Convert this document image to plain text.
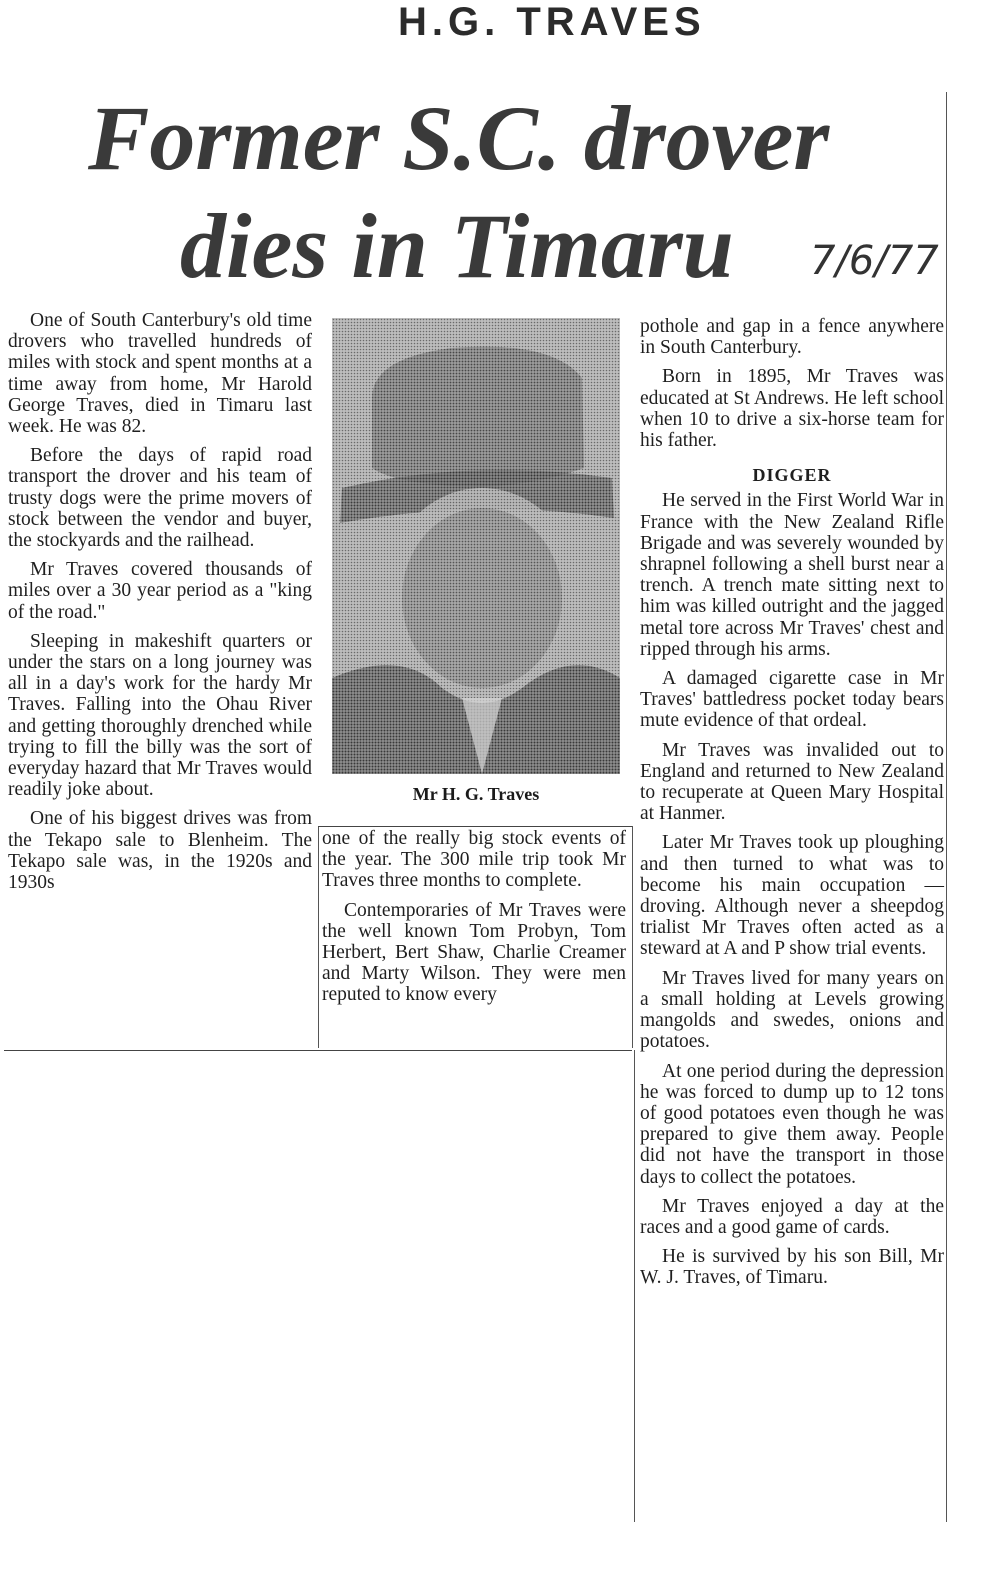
H.G. TRAVES
Former S.C. drover
dies in Timaru 7/6/77

One of South Canterbury's old time drovers who travelled hundreds of miles with stock and spent months at a time away from home, Mr Harold George Traves, died in Timaru last week. He was 82.

Before the days of rapid road transport the drover and his team of trusty dogs were the prime movers of stock between the vendor and buyer, the stockyards and the railhead.

Mr Traves covered thousands of miles over a 30 year period as a "king of the road."

Sleeping in makeshift quarters or under the stars on a long journey was all in a day's work for the hardy Mr Traves. Falling into the Ohau River and getting thoroughly drenched while trying to fill the billy was the sort of everyday hazard that Mr Traves would readily joke about.

One of his biggest drives was from the Tekapo sale to Blenheim. The Tekapo sale was, in the 1920s and 1930s

Mr H. G. Traves

one of the really big stock events of the year. The 300 mile trip took Mr Traves three months to complete.

Contemporaries of Mr Traves were the well known Tom Probyn, Tom Herbert, Bert Shaw, Charlie Creamer and Marty Wilson. They were men reputed to know every

pothole and gap in a fence anywhere in South Canterbury.

Born in 1895, Mr Traves was educated at St Andrews. He left school when 10 to drive a six-horse team for his father.

DIGGER

He served in the First World War in France with the New Zealand Rifle Brigade and was severely wounded by shrapnel following a shell burst near a trench. A trench mate sitting next to him was killed outright and the jagged metal tore across Mr Traves' chest and ripped through his arms.

A damaged cigarette case in Mr Traves' battledress pocket today bears mute evidence of that ordeal.

Mr Traves was invalided out to England and returned to New Zealand to recuperate at Queen Mary Hospital at Hanmer.

Later Mr Traves took up ploughing and then turned to what was to become his main occupation — droving. Although never a sheepdog trialist Mr Traves often acted as a steward at A and P show trial events.

Mr Traves lived for many years on a small holding at Levels growing mangolds and swedes, onions and potatoes.

At one period during the depression he was forced to dump up to 12 tons of good potatoes even though he was prepared to give them away. People did not have the transport in those days to collect the potatoes.

Mr Traves enjoyed a day at the races and a good game of cards.

He is survived by his son Bill, Mr W. J. Traves, of Timaru.
